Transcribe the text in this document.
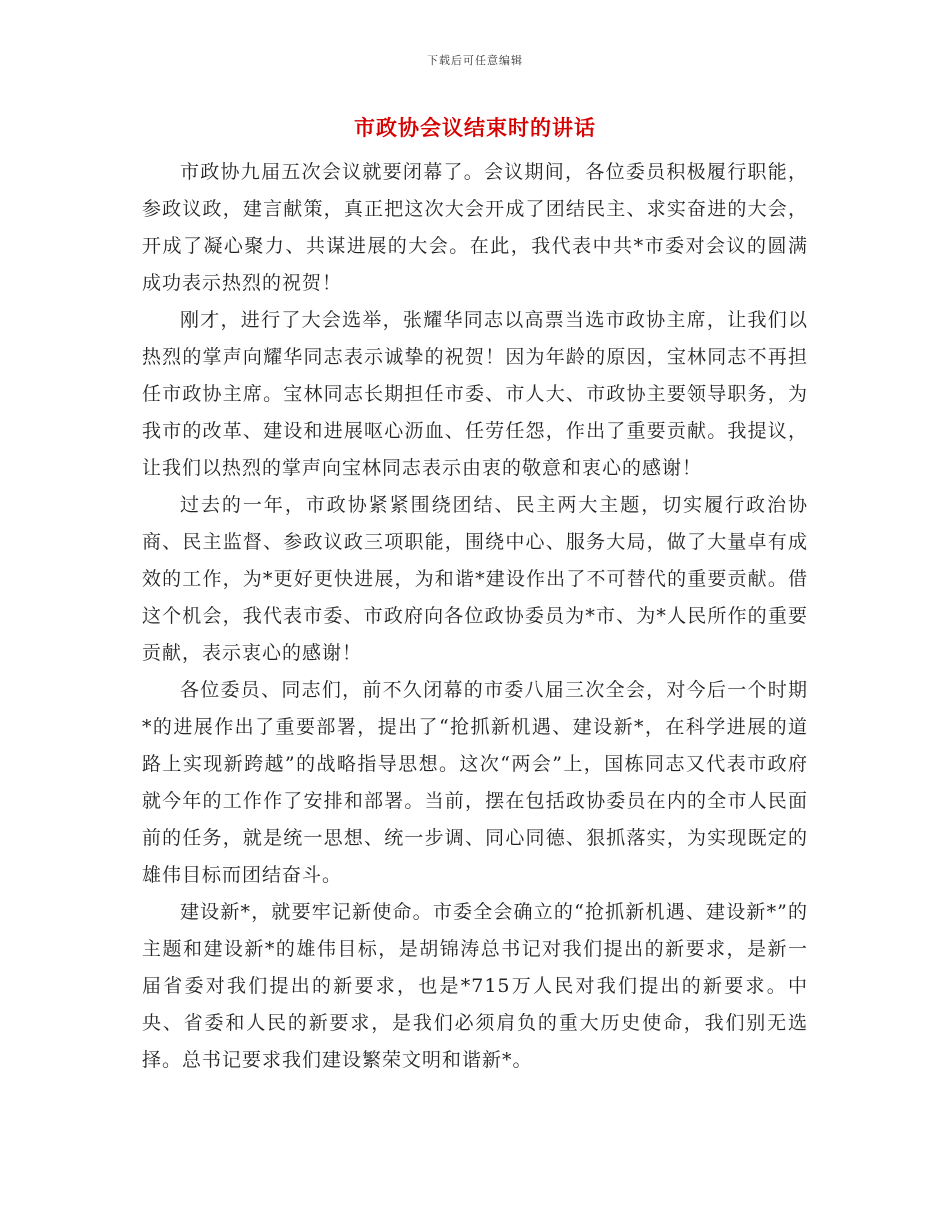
下载后可任意编辑
市政协会议结束时的讲话

市政协九届五次会议就要闭幕了。会议期间，各位委员积极履行职能，参政议政，建言献策，真正把这次大会开成了团结民主、求实奋进的大会，开成了凝心聚力、共谋进展的大会。在此，我代表中共*市委对会议的圆满成功表示热烈的祝贺！

刚才，进行了大会选举，张耀华同志以高票当选市政协主席，让我们以热烈的掌声向耀华同志表示诚挚的祝贺！因为年龄的原因，宝林同志不再担任市政协主席。宝林同志长期担任市委、市人大、市政协主要领导职务，为我市的改革、建设和进展呕心沥血、任劳任怨，作出了重要贡献。我提议，让我们以热烈的掌声向宝林同志表示由衷的敬意和衷心的感谢！

过去的一年，市政协紧紧围绕团结、民主两大主题，切实履行政治协商、民主监督、参政议政三项职能，围绕中心、服务大局，做了大量卓有成效的工作，为*更好更快进展，为和谐*建设作出了不可替代的重要贡献。借这个机会，我代表市委、市政府向各位政协委员为*市、为*人民所作的重要贡献，表示衷心的感谢！

各位委员、同志们，前不久闭幕的市委八届三次全会，对今后一个时期*的进展作出了重要部署，提出了“抢抓新机遇、建设新*，在科学进展的道路上实现新跨越”的战略指导思想。这次“两会”上，国栋同志又代表市政府就今年的工作作了安排和部署。当前，摆在包括政协委员在内的全市人民面前的任务，就是统一思想、统一步调、同心同德、狠抓落实，为实现既定的雄伟目标而团结奋斗。

建设新*，就要牢记新使命。市委全会确立的“抢抓新机遇、建设新*”的主题和建设新*的雄伟目标，是胡锦涛总书记对我们提出的新要求，是新一届省委对我们提出的新要求，也是*715万人民对我们提出的新要求。中央、省委和人民的新要求，是我们必须肩负的重大历史使命，我们别无选择。总书记要求我们建设繁荣文明和谐新*。
